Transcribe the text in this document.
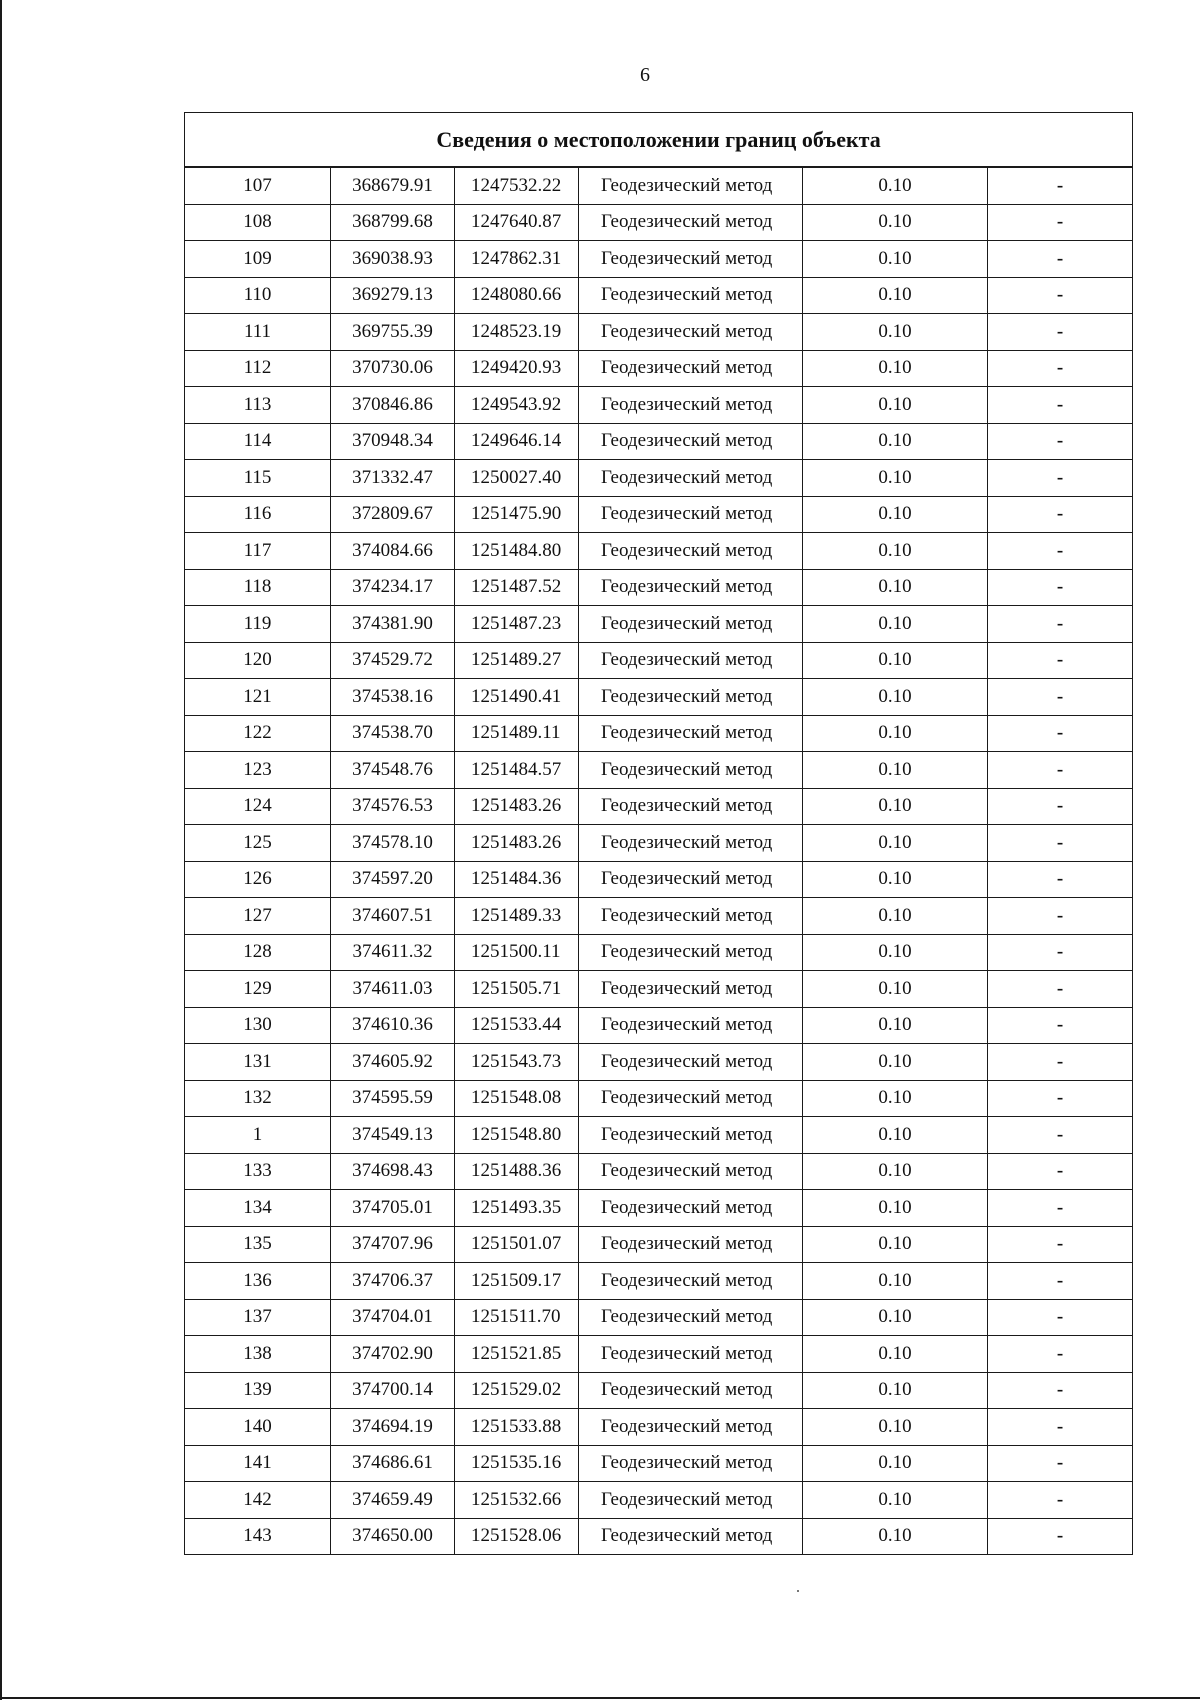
6
Сведения о местоположении границ объекта					
107	368679.91	1247532.22	Геодезический метод	0.10	-
108	368799.68	1247640.87	Геодезический метод	0.10	-
109	369038.93	1247862.31	Геодезический метод	0.10	-
110	369279.13	1248080.66	Геодезический метод	0.10	-
111	369755.39	1248523.19	Геодезический метод	0.10	-
112	370730.06	1249420.93	Геодезический метод	0.10	-
113	370846.86	1249543.92	Геодезический метод	0.10	-
114	370948.34	1249646.14	Геодезический метод	0.10	-
115	371332.47	1250027.40	Геодезический метод	0.10	-
116	372809.67	1251475.90	Геодезический метод	0.10	-
117	374084.66	1251484.80	Геодезический метод	0.10	-
118	374234.17	1251487.52	Геодезический метод	0.10	-
119	374381.90	1251487.23	Геодезический метод	0.10	-
120	374529.72	1251489.27	Геодезический метод	0.10	-
121	374538.16	1251490.41	Геодезический метод	0.10	-
122	374538.70	1251489.11	Геодезический метод	0.10	-
123	374548.76	1251484.57	Геодезический метод	0.10	-
124	374576.53	1251483.26	Геодезический метод	0.10	-
125	374578.10	1251483.26	Геодезический метод	0.10	-
126	374597.20	1251484.36	Геодезический метод	0.10	-
127	374607.51	1251489.33	Геодезический метод	0.10	-
128	374611.32	1251500.11	Геодезический метод	0.10	-
129	374611.03	1251505.71	Геодезический метод	0.10	-
130	374610.36	1251533.44	Геодезический метод	0.10	-
131	374605.92	1251543.73	Геодезический метод	0.10	-
132	374595.59	1251548.08	Геодезический метод	0.10	-
1	374549.13	1251548.80	Геодезический метод	0.10	-
133	374698.43	1251488.36	Геодезический метод	0.10	-
134	374705.01	1251493.35	Геодезический метод	0.10	-
135	374707.96	1251501.07	Геодезический метод	0.10	-
136	374706.37	1251509.17	Геодезический метод	0.10	-
137	374704.01	1251511.70	Геодезический метод	0.10	-
138	374702.90	1251521.85	Геодезический метод	0.10	-
139	374700.14	1251529.02	Геодезический метод	0.10	-
140	374694.19	1251533.88	Геодезический метод	0.10	-
141	374686.61	1251535.16	Геодезический метод	0.10	-
142	374659.49	1251532.66	Геодезический метод	0.10	-
143	374650.00	1251528.06	Геодезический метод	0.10	-
